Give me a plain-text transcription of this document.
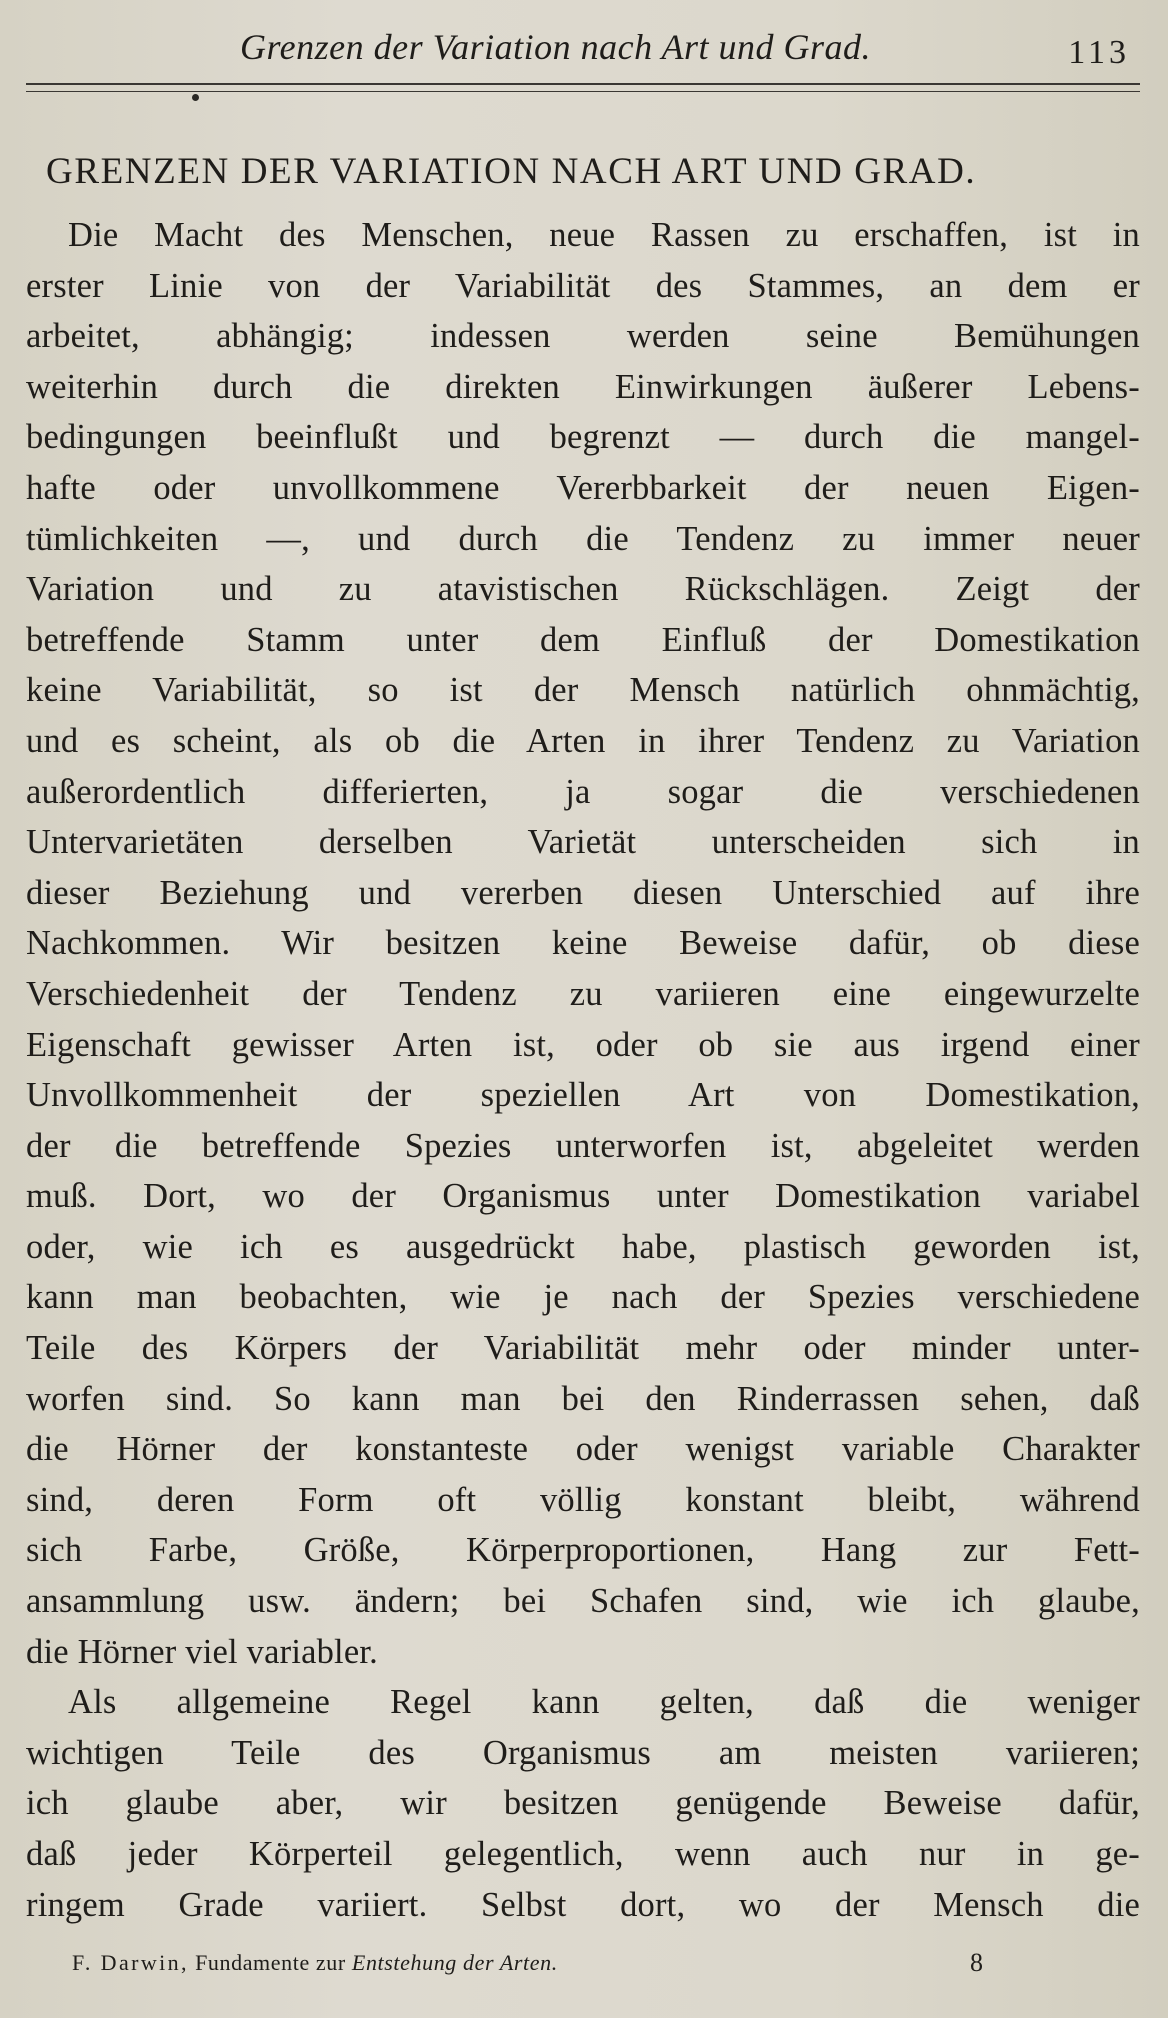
Grenzen der Variation nach Art und Grad.	113
GRENZEN DER VARIATION NACH ART UND GRAD.
Die Macht des Menschen, neue Rassen zu erschaffen, ist in
erster Linie von der Variabilität des Stammes, an dem er
arbeitet, abhängig; indessen werden seine Bemühungen
weiterhin durch die direkten Einwirkungen äußerer Lebens-
bedingungen beeinflußt und begrenzt — durch die mangel-
hafte oder unvollkommene Vererbbarkeit der neuen Eigen-
tümlichkeiten —, und durch die Tendenz zu immer neuer
Variation und zu atavistischen Rückschlägen. Zeigt der
betreffende Stamm unter dem Einfluß der Domestikation
keine Variabilität, so ist der Mensch natürlich ohnmächtig,
und es scheint, als ob die Arten in ihrer Tendenz zu Variation
außerordentlich differierten, ja sogar die verschiedenen
Untervarietäten derselben Varietät unterscheiden sich in
dieser Beziehung und vererben diesen Unterschied auf ihre
Nachkommen. Wir besitzen keine Beweise dafür, ob diese
Verschiedenheit der Tendenz zu variieren eine eingewurzelte
Eigenschaft gewisser Arten ist, oder ob sie aus irgend einer
Unvollkommenheit der speziellen Art von Domestikation,
der die betreffende Spezies unterworfen ist, abgeleitet werden
muß. Dort, wo der Organismus unter Domestikation variabel
oder, wie ich es ausgedrückt habe, plastisch geworden ist,
kann man beobachten, wie je nach der Spezies verschiedene
Teile des Körpers der Variabilität mehr oder minder unter-
worfen sind. So kann man bei den Rinderrassen sehen, daß
die Hörner der konstanteste oder wenigst variable Charakter
sind, deren Form oft völlig konstant bleibt, während
sich Farbe, Größe, Körperproportionen, Hang zur Fett-
ansammlung usw. ändern; bei Schafen sind, wie ich glaube,
die Hörner viel variabler.
Als allgemeine Regel kann gelten, daß die weniger
wichtigen Teile des Organismus am meisten variieren;
ich glaube aber, wir besitzen genügende Beweise dafür,
daß jeder Körperteil gelegentlich, wenn auch nur in ge-
ringem Grade variiert. Selbst dort, wo der Mensch die
F. Darwin, Fundamente zur Entstehung der Arten.	8
